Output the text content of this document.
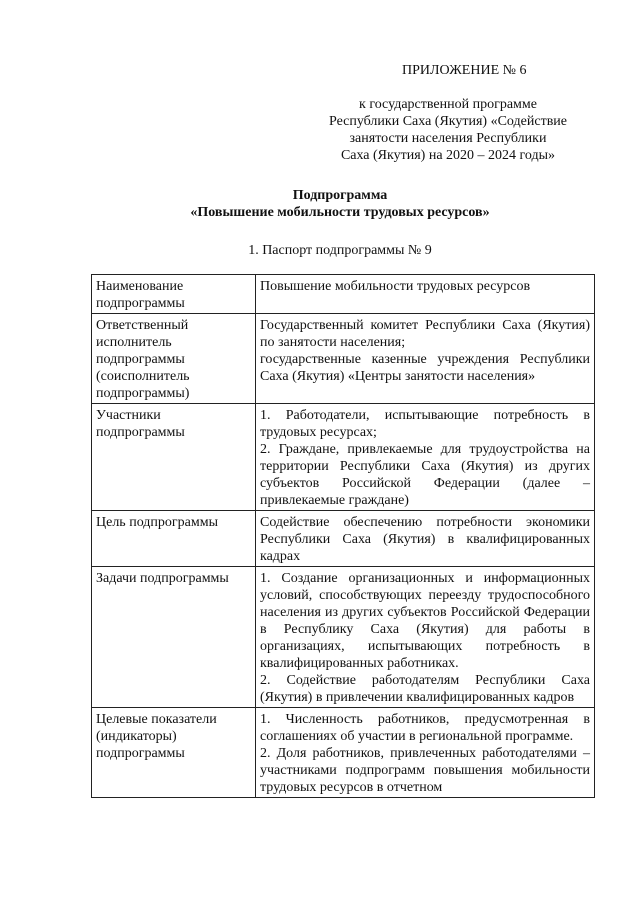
ПРИЛОЖЕНИЕ № 6
к государственной программе
Республики Саха (Якутия) «Содействие
занятости населения Республики
Саха (Якутия) на 2020 – 2024 годы»
Подпрограмма
«Повышение мобильности трудовых ресурсов»
1. Паспорт подпрограммы № 9
Наименование подпрограммы	Повышение мобильности трудовых ресурсов

Ответственный исполнитель подпрограммы (соисполнитель подпрограммы)	Государственный комитет Республики Саха (Якутия) по занятости населения;
государственные казенные учреждения Республики Саха (Якутия) «Центры занятости населения»

Участники подпрограммы	1. Работодатели, испытывающие потребность в трудовых ресурсах;
2. Граждане, привлекаемые для трудоустройства на территории Республики Саха (Якутия) из других субъектов Российской Федерации (далее – привлекаемые граждане)

Цель подпрограммы	Содействие обеспечению потребности экономики Республики Саха (Якутия) в квалифицированных кадрах

Задачи подпрограммы	1. Создание организационных и информационных условий, способствующих переезду трудоспособного населения из других субъектов Российской Федерации в Республику Саха (Якутия) для работы в организациях, испытывающих потребность в квалифицированных работниках.
2. Содействие работодателям Республики Саха (Якутия) в привлечении квалифицированных кадров

Целевые показатели (индикаторы) подпрограммы	1. Численность работников, предусмотренная в соглашениях об участии в региональной программе.
2. Доля работников, привлеченных работодателями – участниками подпрограмм повышения мобильности трудовых ресурсов в отчетном
